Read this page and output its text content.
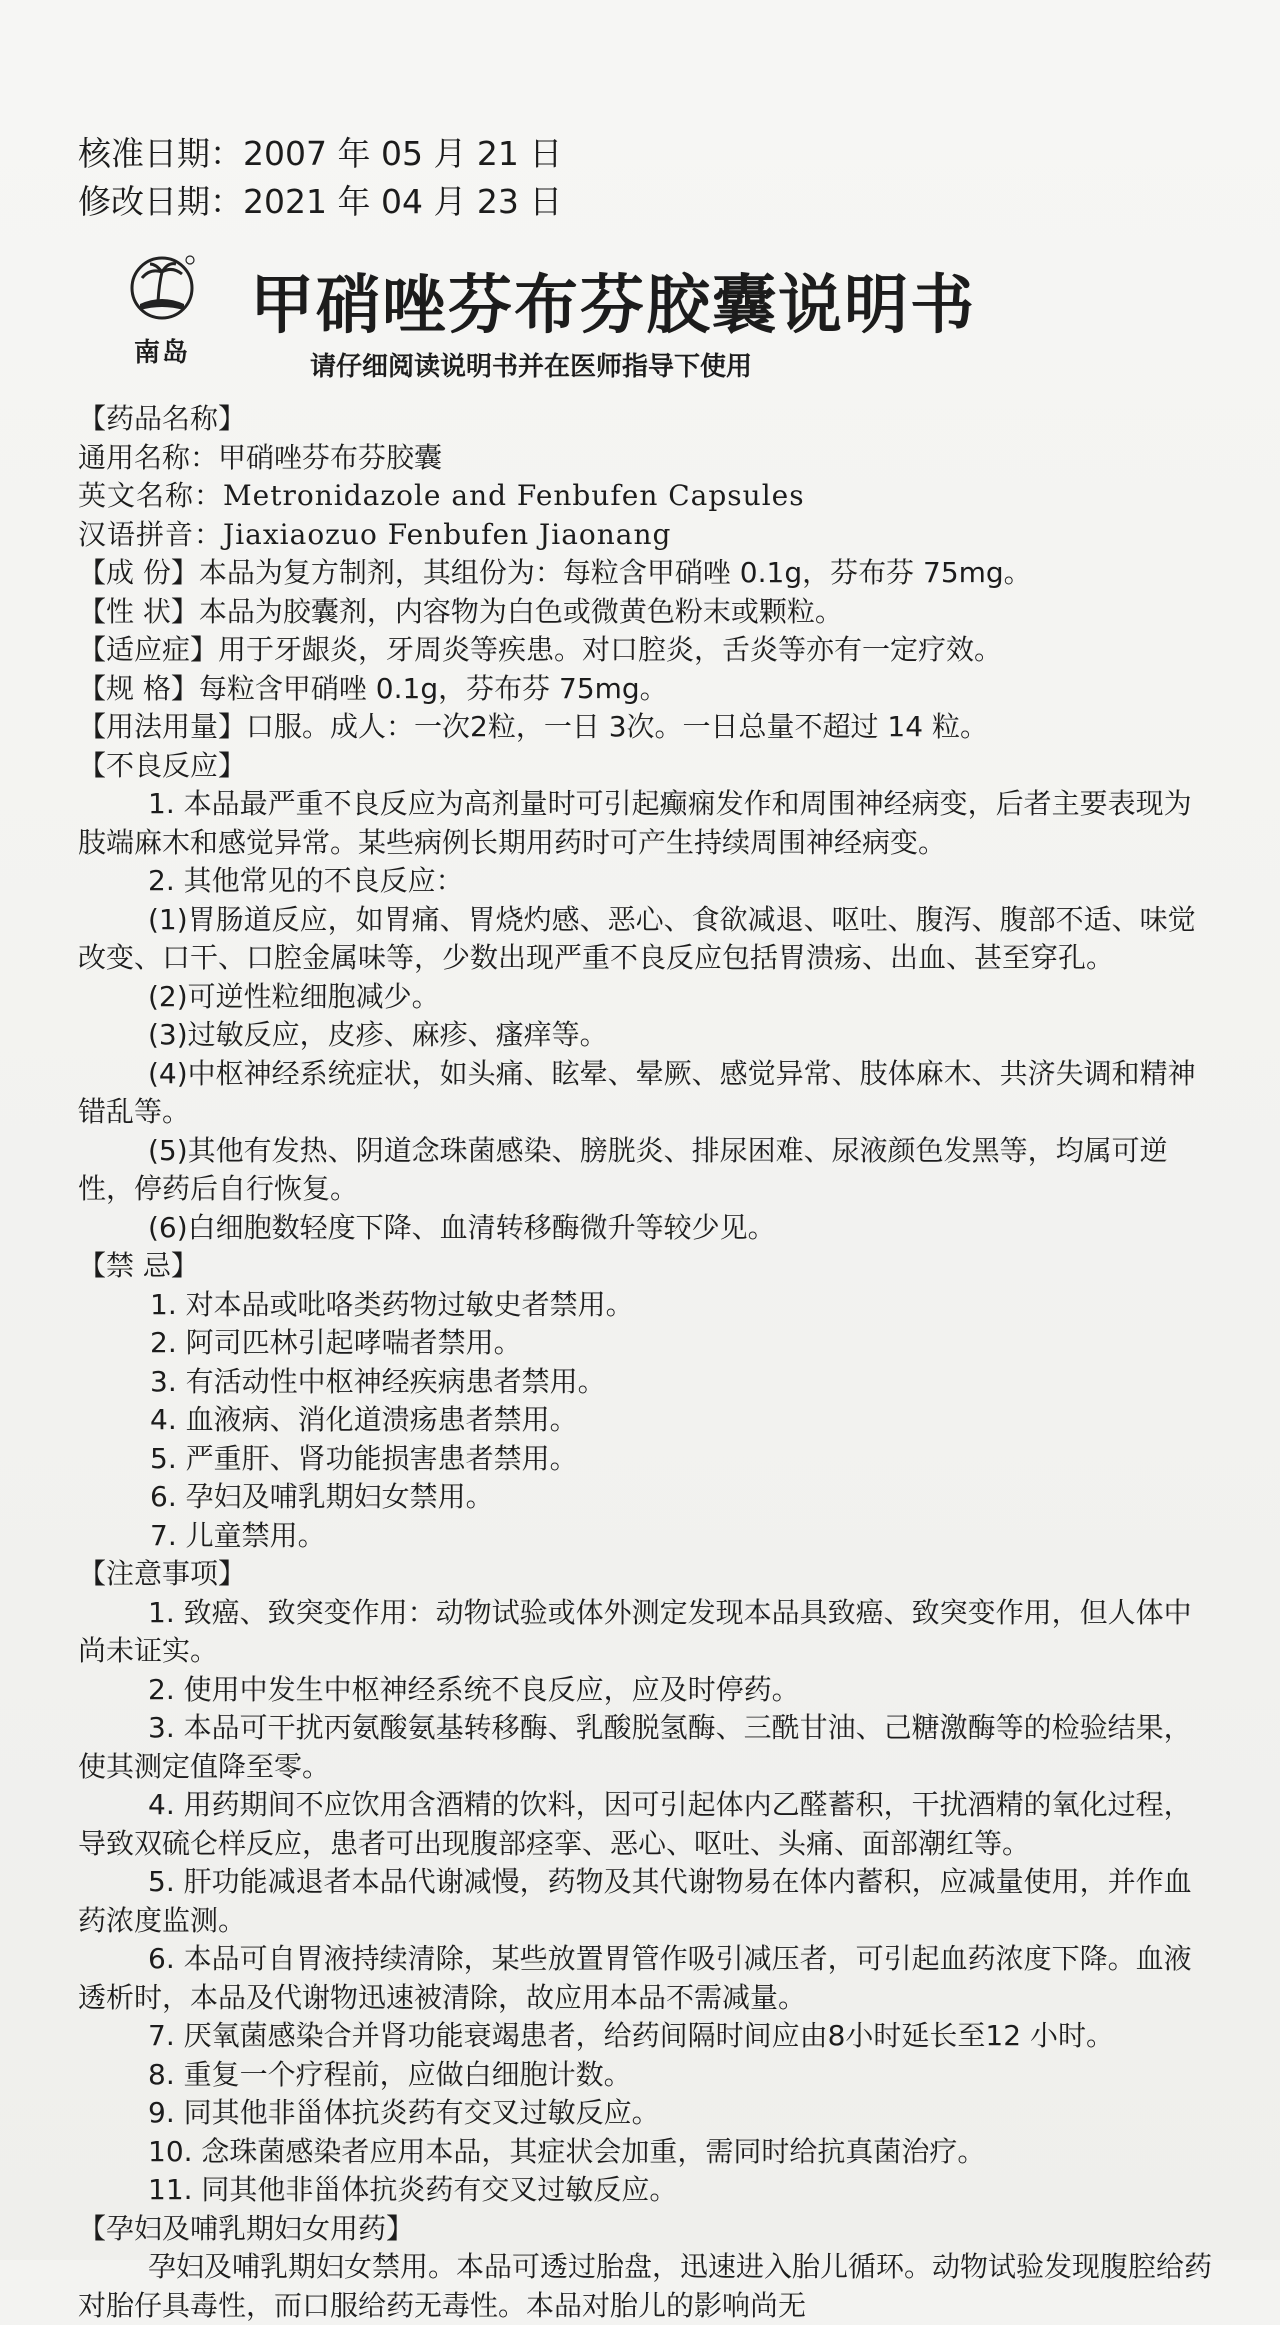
核准日期：2007 年 05 月 21 日
修改日期：2021 年 04 月 23 日
南岛
甲硝唑芬布芬胶囊说明书
请仔细阅读说明书并在医师指导下使用
【药品名称】
通用名称：甲硝唑芬布芬胶囊
英文名称：Metronidazole and Fenbufen Capsules
汉语拼音：Jiaxiaozuo Fenbufen Jiaonang
【成 份】本品为复方制剂，其组份为：每粒含甲硝唑 0.1g，芬布芬 75mg。
【性 状】本品为胶囊剂，内容物为白色或微黄色粉末或颗粒。
【适应症】用于牙龈炎，牙周炎等疾患。对口腔炎，舌炎等亦有一定疗效。
【规 格】每粒含甲硝唑 0.1g，芬布芬 75mg。
【用法用量】口服。成人：一次2粒，一日 3次。一日总量不超过 14 粒。
【不良反应】
1. 本品最严重不良反应为高剂量时可引起癫痫发作和周围神经病变，后者主要表现为肢端麻木和感觉异常。某些病例长期用药时可产生持续周围神经病变。
2. 其他常见的不良反应：
(1)胃肠道反应，如胃痛、胃烧灼感、恶心、食欲减退、呕吐、腹泻、腹部不适、味觉改变、口干、口腔金属味等，少数出现严重不良反应包括胃溃疡、出血、甚至穿孔。
(2)可逆性粒细胞减少。
(3)过敏反应，皮疹、麻疹、瘙痒等。
(4)中枢神经系统症状，如头痛、眩晕、晕厥、感觉异常、肢体麻木、共济失调和精神错乱等。
(5)其他有发热、阴道念珠菌感染、膀胱炎、排尿困难、尿液颜色发黑等，均属可逆性，停药后自行恢复。
(6)白细胞数轻度下降、血清转移酶微升等较少见。
【禁 忌】
1. 对本品或吡咯类药物过敏史者禁用。
2. 阿司匹林引起哮喘者禁用。
3. 有活动性中枢神经疾病患者禁用。
4. 血液病、消化道溃疡患者禁用。
5. 严重肝、肾功能损害患者禁用。
6. 孕妇及哺乳期妇女禁用。
7. 儿童禁用。
【注意事项】
1. 致癌、致突变作用：动物试验或体外测定发现本品具致癌、致突变作用，但人体中尚未证实。
2. 使用中发生中枢神经系统不良反应，应及时停药。
3. 本品可干扰丙氨酸氨基转移酶、乳酸脱氢酶、三酰甘油、己糖激酶等的检验结果，使其测定值降至零。
4. 用药期间不应饮用含酒精的饮料，因可引起体内乙醛蓄积，干扰酒精的氧化过程，导致双硫仑样反应，患者可出现腹部痉挛、恶心、呕吐、头痛、面部潮红等。
5. 肝功能减退者本品代谢减慢，药物及其代谢物易在体内蓄积，应减量使用，并作血药浓度监测。
6. 本品可自胃液持续清除，某些放置胃管作吸引减压者，可引起血药浓度下降。血液透析时，本品及代谢物迅速被清除，故应用本品不需减量。
7. 厌氧菌感染合并肾功能衰竭患者，给药间隔时间应由8小时延长至12 小时。
8. 重复一个疗程前，应做白细胞计数。
9. 同其他非甾体抗炎药有交叉过敏反应。
10. 念珠菌感染者应用本品，其症状会加重，需同时给抗真菌治疗。
11. 同其他非甾体抗炎药有交叉过敏反应。
【孕妇及哺乳期妇女用药】
孕妇及哺乳期妇女禁用。本品可透过胎盘，迅速进入胎儿循环。动物试验发现腹腔给药对胎仔具毒性，而口服给药无毒性。本品对胎儿的影响尚无
